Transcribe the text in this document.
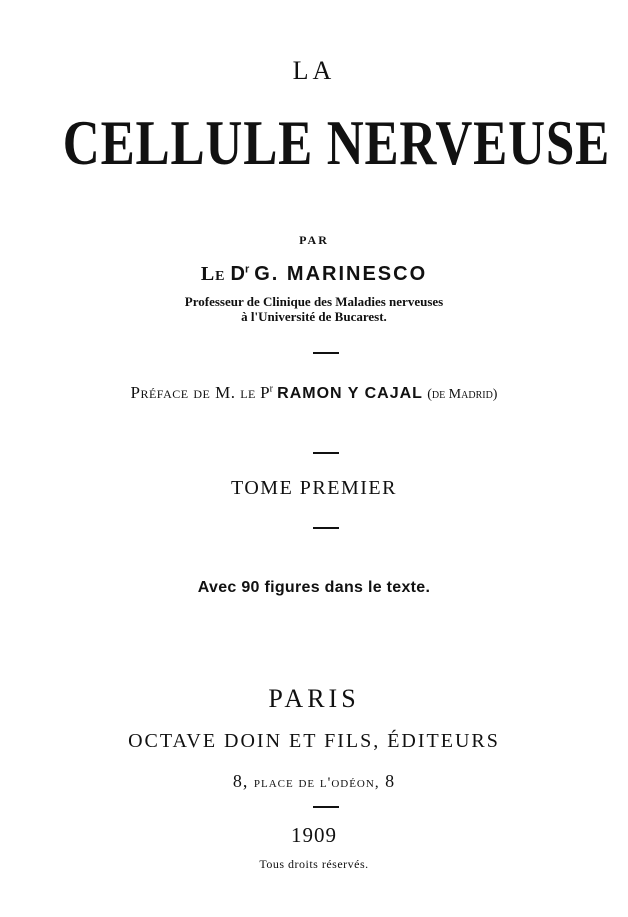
LA
CELLULE NERVEUSE
PAR
Le $D^r$ G. MARINESCO
Professeur de Clinique des Maladies nerveuses
à l'Université de Bucarest.
Préface de M. le $P^r$ RAMON Y CAJAL (de Madrid)
TOME PREMIER
Avec 90 figures dans le texte.
PARIS
OCTAVE DOIN ET FILS, ÉDITEURS
8, place de l'odéon, 8
1909
Tous droits réservés.
